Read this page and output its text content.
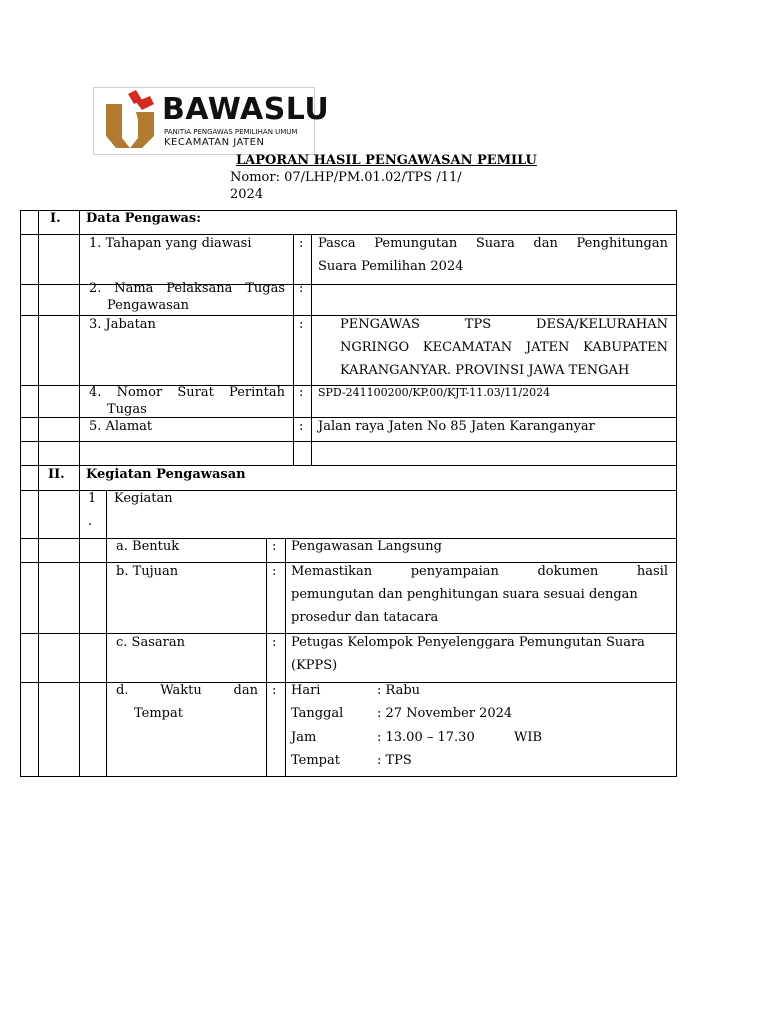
BAWASLU
PANITIA PENGAWAS PEMILIHAN UMUM
KECAMATAN JATEN
LAPORAN HASIL PENGAWASAN PEMILU
Nomor: 07/LHP/PM.01.02/TPS /11/
2024
I. Data Pengawas:
1. Tahapan yang diawasi	: Pasca Pemungutan Suara dan Penghitungan
Suara Pemilihan 2024
2. Nama Pelaksana Tugas
Pengawasan
:
3. Jabatan	:	PENGAWAS TPS DESA/KELURAHAN
NGRINGO KECAMATAN JATEN KABUPATEN
KARANGANYAR. PROVINSI JAWA TENGAH
4. Nomor Surat Perintah
Tugas
: SPD-241100200/KP.00/KJT-11.03/11/2024
5. Alamat	: Jalan raya Jaten No 85 Jaten Karanganyar
II. Kegiatan Pengawasan
1
.
Kegiatan
a. Bentuk	: Pengawasan Langsung
b. Tujuan	: Memastikan penyampaian dokumen hasil
pemungutan dan penghitungan suara sesuai dengan
prosedur dan tatacara
c. Sasaran	: Petugas Kelompok Penyelenggara Pemungutan Suara
(KPPS)
d. Waktu dan
Tempat
: Hari	: Rabu
Tanggal	: 27 November 2024
Jam	: 13.00 – 17.30	WIB
Tempat	: TPS
